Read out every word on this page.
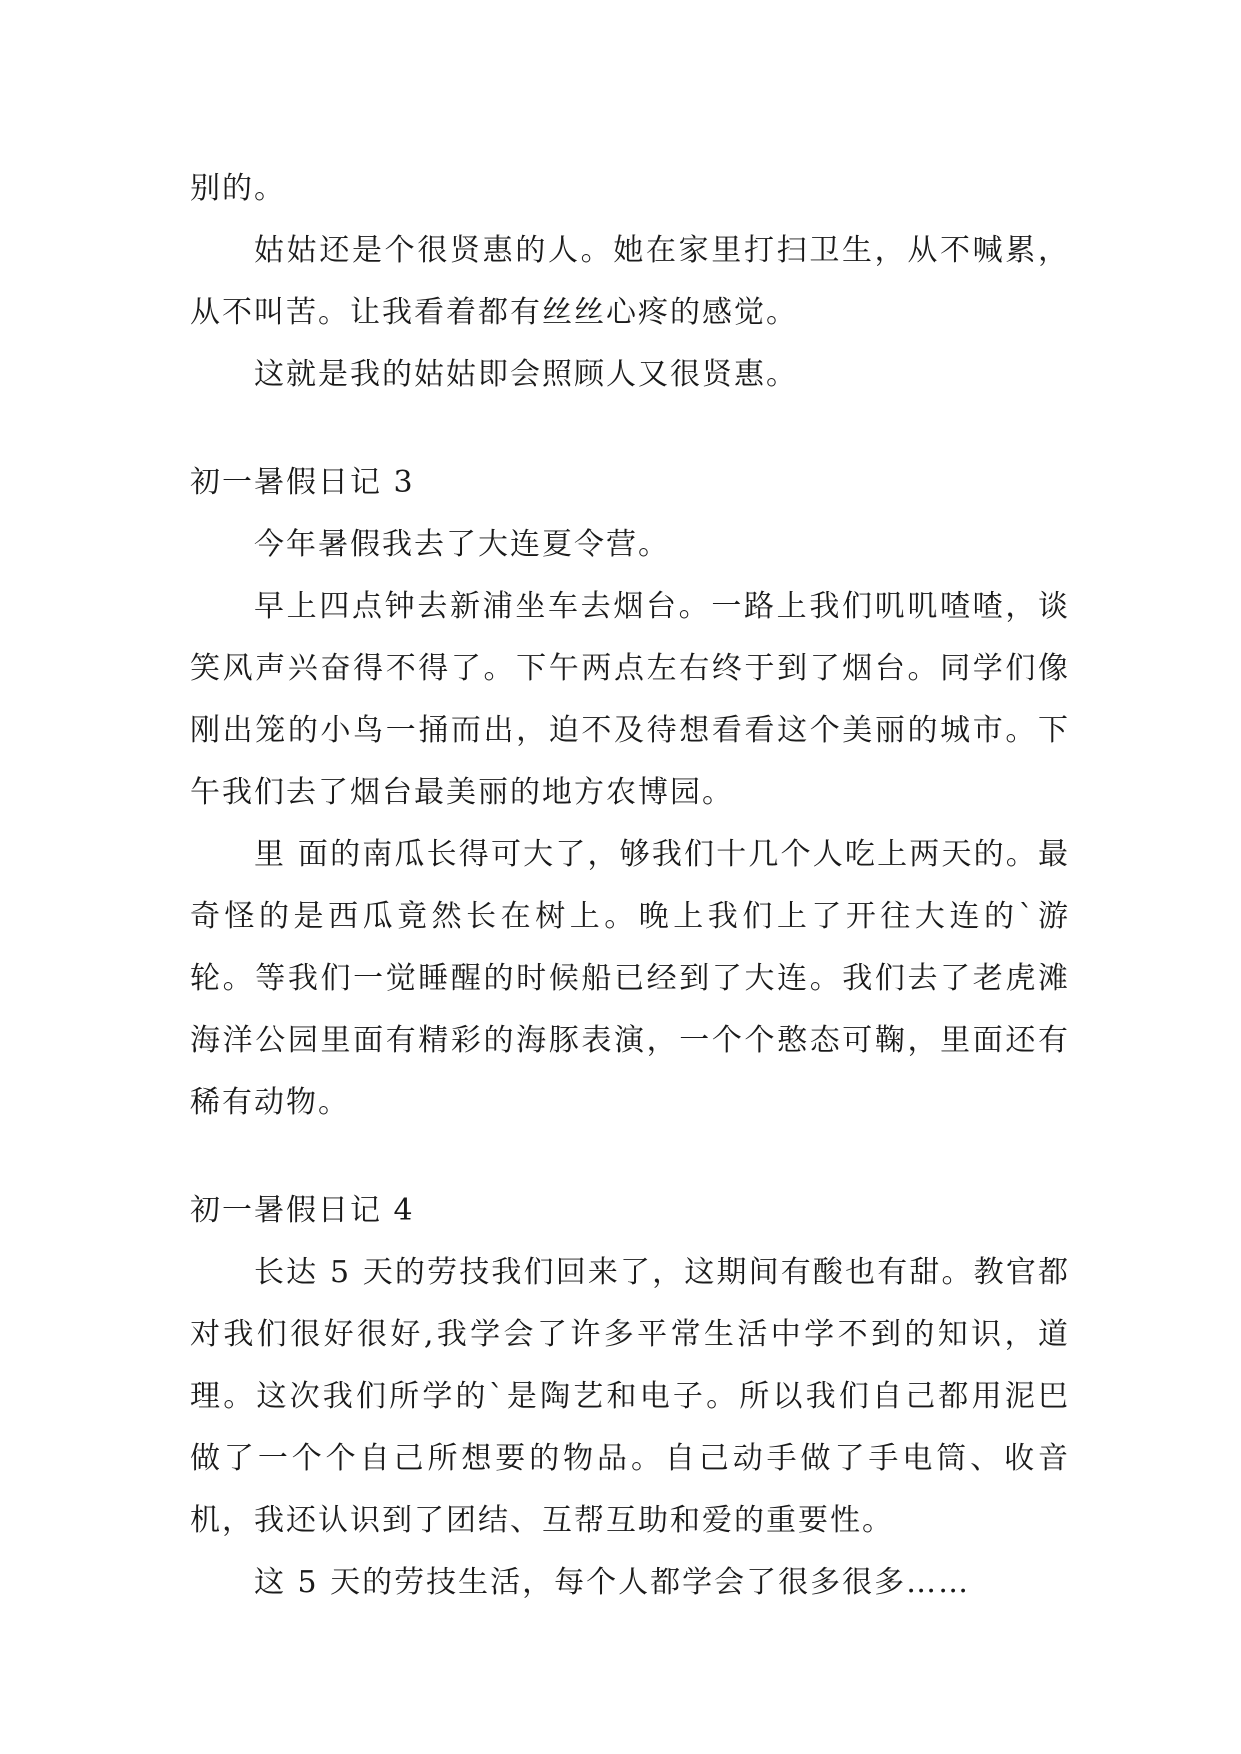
别的。

姑姑还是个很贤惠的人。她在家里打扫卫生，从不喊累，从不叫苦。让我看着都有丝丝心疼的感觉。

这就是我的姑姑即会照顾人又很贤惠。

初一暑假日记 3

今年暑假我去了大连夏令营。

早上四点钟去新浦坐车去烟台。一路上我们叽叽喳喳，谈笑风声兴奋得不得了。下午两点左右终于到了烟台。同学们像刚出笼的小鸟一捅而出，迫不及待想看看这个美丽的城市。下午我们去了烟台最美丽的地方农博园。

里 面的南瓜长得可大了，够我们十几个人吃上两天的。最奇怪的是西瓜竟然长在树上。晚上我们上了开往大连的`游轮。等我们一觉睡醒的时候船已经到了大连。我们去了老虎滩海洋公园里面有精彩的海豚表演，一个个憨态可鞠，里面还有稀有动物。

初一暑假日记 4

长达 5 天的劳技我们回来了，这期间有酸也有甜。教官都对我们很好很好,我学会了许多平常生活中学不到的知识，道理。这次我们所学的`是陶艺和电子。所以我们自己都用泥巴做了一个个自己所想要的物品。自己动手做了手电筒、收音机，我还认识到了团结、互帮互助和爱的重要性。

这 5 天的劳技生活，每个人都学会了很多很多……
